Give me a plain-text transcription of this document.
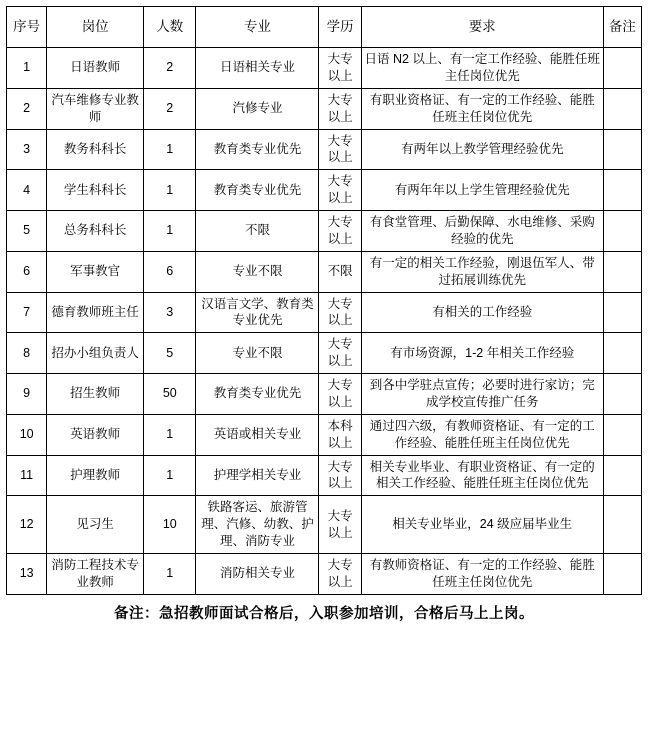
序号	岗位	人数	专业	学历	要求	备注
1	日语教师	2	日语相关专业	大专以上	日语 N2 以上、有一定工作经验、能胜任班主任岗位优先	
2	汽车维修专业教师	2	汽修专业	大专以上	有职业资格证、有一定的工作经验、能胜任班主任岗位优先	
3	教务科科长	1	教育类专业优先	大专以上	有两年以上教学管理经验优先	
4	学生科科长	1	教育类专业优先	大专以上	有两年年以上学生管理经验优先	
5	总务科科长	1	不限	大专以上	有食堂管理、后勤保障、水电维修、采购经验的优先	
6	军事教官	6	专业不限	不限	有一定的相关工作经验，刚退伍军人、带过拓展训练优先	
7	德育教师班主任	3	汉语言文学、教育类专业优先	大专以上	有相关的工作经验	
8	招办小组负责人	5	专业不限	大专以上	有市场资源，1-2 年相关工作经验	
9	招生教师	50	教育类专业优先	大专以上	到各中学驻点宣传；必要时进行家访；完成学校宣传推广任务	
10	英语教师	1	英语或相关专业	本科以上	通过四六级，有教师资格证、有一定的工作经验、能胜任班主任岗位优先	
11	护理教师	1	护理学相关专业	大专以上	相关专业毕业、有职业资格证、有一定的相关工作经验、能胜任班主任岗位优先	
12	见习生	10	铁路客运、旅游管理、汽修、幼教、护理、消防专业	大专以上	相关专业毕业，24 级应届毕业生	
13	消防工程技术专业教师	1	消防相关专业	大专以上	有教师资格证、有一定的工作经验、能胜任班主任岗位优先	
备注：急招教师面试合格后，入职参加培训，合格后马上上岗。
